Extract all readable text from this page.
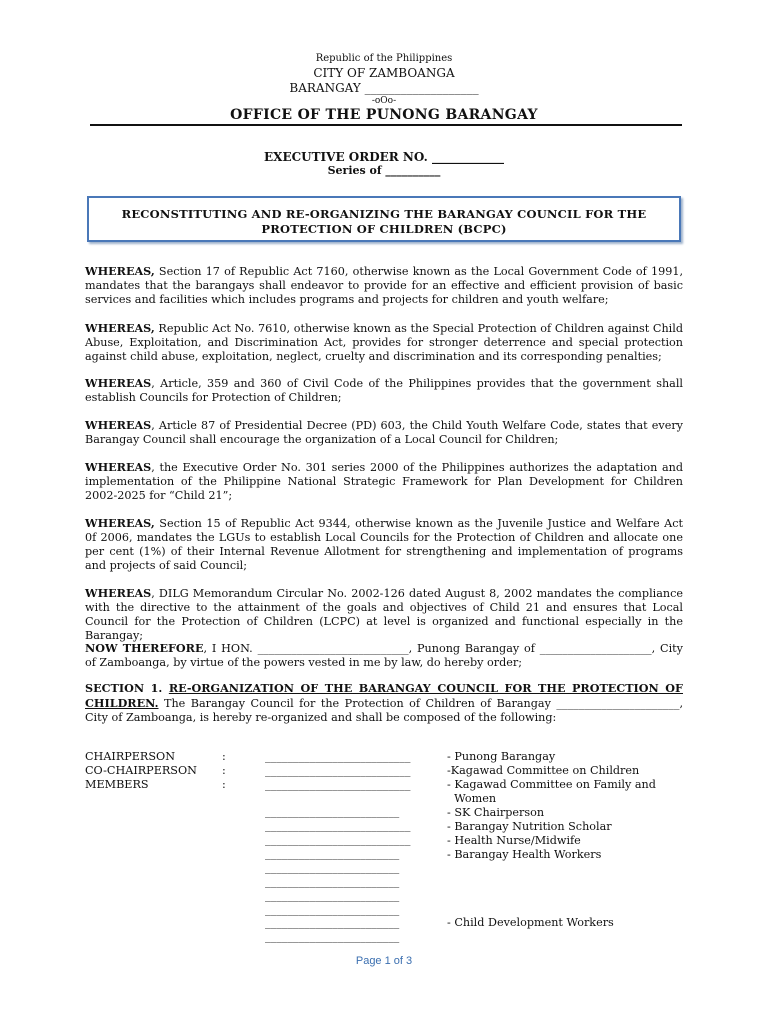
Republic of the Philippines
CITY OF ZAMBOANGA
BARANGAY ___________________
-oOo-
OFFICE OF THE PUNONG BARANGAY
EXECUTIVE ORDER NO. ____________
Series of __________
RECONSTITUTING AND RE-ORGANIZING THE BARANGAY COUNCIL FOR THE
PROTECTION OF CHILDREN (BCPC)
WHEREAS, Section 17 of Republic Act 7160, otherwise known as the Local Government Code of 1991, mandates that the barangays shall endeavor to provide for an effective and efficient provision of basic services and facilities which includes programs and projects for children and youth welfare;
WHEREAS, Republic Act No. 7610, otherwise known as the Special Protection of Children against Child Abuse, Exploitation, and Discrimination Act, provides for stronger deterrence and special protection against child abuse, exploitation, neglect, cruelty and discrimination and its corresponding penalties;
WHEREAS, Article, 359 and 360 of Civil Code of the Philippines provides that the government shall establish Councils for Protection of Children;
WHEREAS, Article 87 of Presidential Decree (PD) 603, the Child Youth Welfare Code, states that every Barangay Council shall encourage the organization of a Local Council for Children;
WHEREAS, the Executive Order No. 301 series 2000 of the Philippines authorizes the adaptation and implementation of the Philippine National Strategic Framework for Plan Development for Children 2002-2025 for “Child 21”;
WHEREAS, Section 15 of Republic Act 9344, otherwise known as the Juvenile Justice and Welfare Act 0f 2006, mandates the LGUs to establish Local Councils for the Protection of Children and allocate one per cent (1%) of their Internal Revenue Allotment for strengthening and implementation of programs and projects of said Council;
WHEREAS, DILG Memorandum Circular No. 2002-126 dated August 8, 2002 mandates the compliance with the directive to the attainment of the goals and objectives of Child 21 and ensures that Local Council for the Protection of Children (LCPC) at level is organized and functional especially in the Barangay;
NOW THEREFORE, I HON. ___________________________, Punong Barangay of ____________________, City of Zamboanga, by virtue of the powers vested in me by law, do hereby order;
SECTION 1. RE-ORGANIZATION OF THE BARANGAY COUNCIL FOR THE PROTECTION OF CHILDREN. The Barangay Council for the Protection of Children of Barangay ______________________, City of Zamboanga, is hereby re-organized and shall be composed of the following:
CHAIRPERSON	:	__________________________	- Punong Barangay
CO-CHAIRPERSON :	__________________________	-Kagawad Committee on Children
MEMBERS	:	__________________________	- Kagawad Committee on Family and
Women
________________________	- SK Chairperson
__________________________	- Barangay Nutrition Scholar
__________________________	- Health Nurse/Midwife
________________________	- Barangay Health Workers
________________________
________________________
________________________
________________________
________________________	- Child Development Workers
________________________
Page 1 of 3
